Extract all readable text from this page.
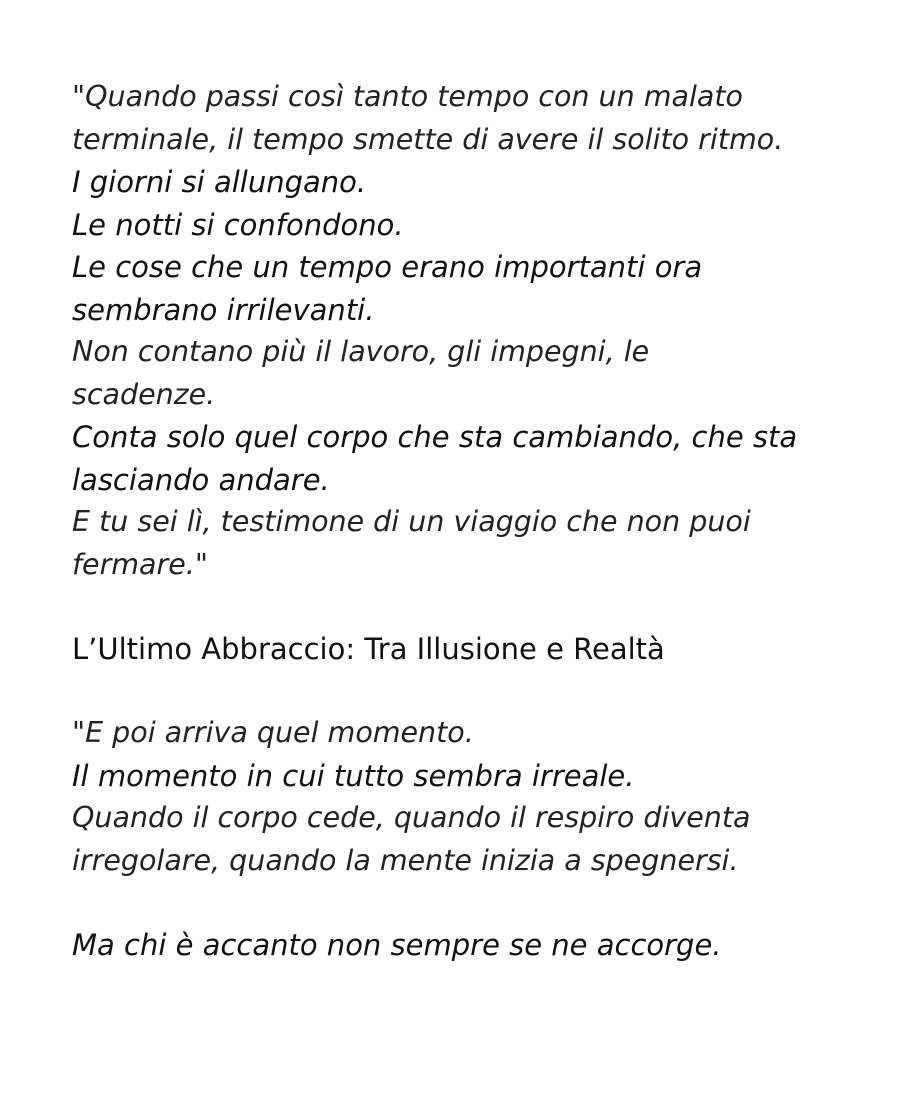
"Quando passi così tanto tempo con un malato
terminale, il tempo smette di avere il solito ritmo.
I giorni si allungano.
Le notti si confondono.
Le cose che un tempo erano importanti ora
sembrano irrilevanti.
Non contano più il lavoro, gli impegni, le
scadenze.
Conta solo quel corpo che sta cambiando, che sta
lasciando andare.
E tu sei lì, testimone di un viaggio che non puoi
fermare."
L’Ultimo Abbraccio: Tra Illusione e Realtà
"E poi arriva quel momento.
Il momento in cui tutto sembra irreale.
Quando il corpo cede, quando il respiro diventa
irregolare, quando la mente inizia a spegnersi.
Ma chi è accanto non sempre se ne accorge.
